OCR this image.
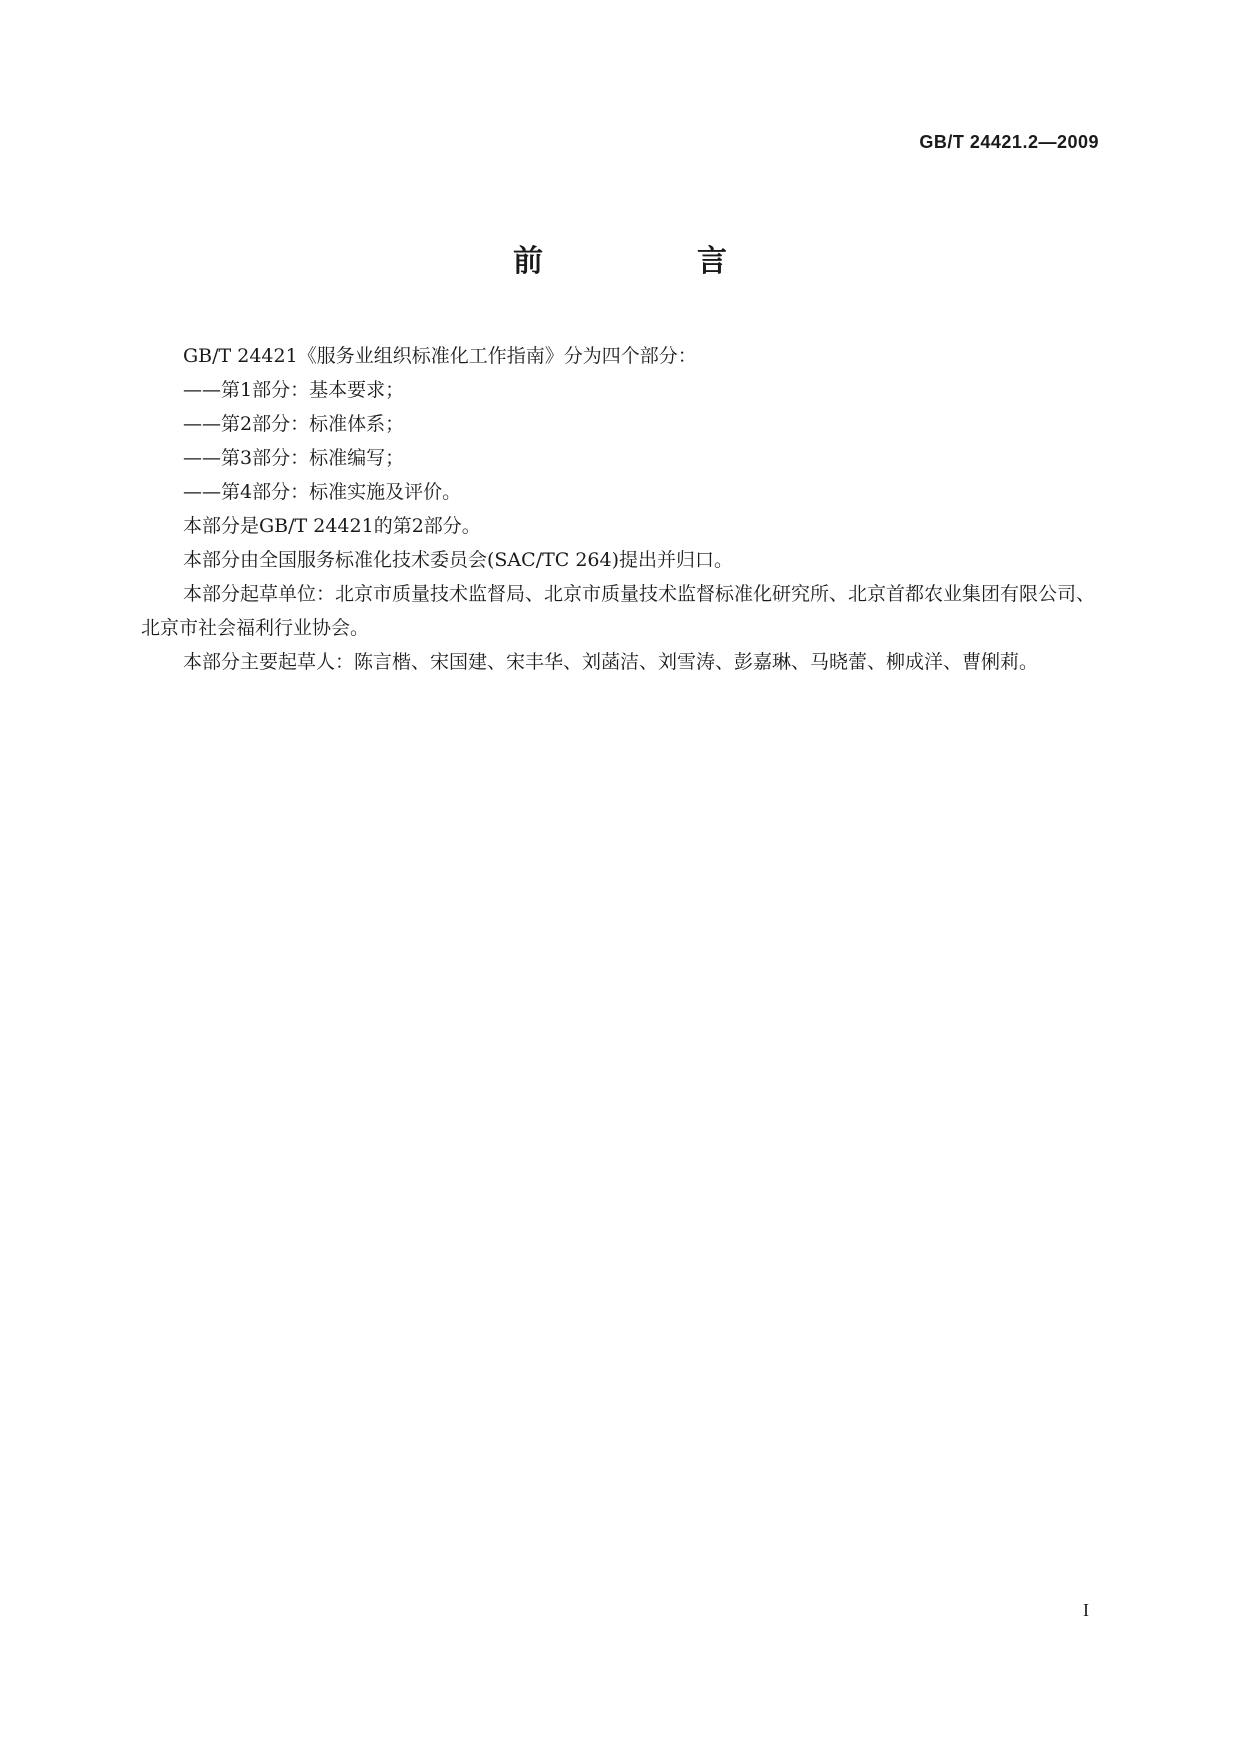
GB/T 24421.2—2009
前　言

GB/T 24421《服务业组织标准化工作指南》分为四个部分：

——第1部分：基本要求；

——第2部分：标准体系；

——第3部分：标准编写；

——第4部分：标准实施及评价。

本部分是GB/T 24421的第2部分。

本部分由全国服务标准化技术委员会(SAC/TC 264)提出并归口。

本部分起草单位：北京市质量技术监督局、北京市质量技术监督标准化研究所、北京首都农业集团有限公司、北京市社会福利行业协会。

本部分主要起草人：陈言楷、宋国建、宋丰华、刘菡洁、刘雪涛、彭嘉琳、马晓蕾、柳成洋、曹俐莉。

I
